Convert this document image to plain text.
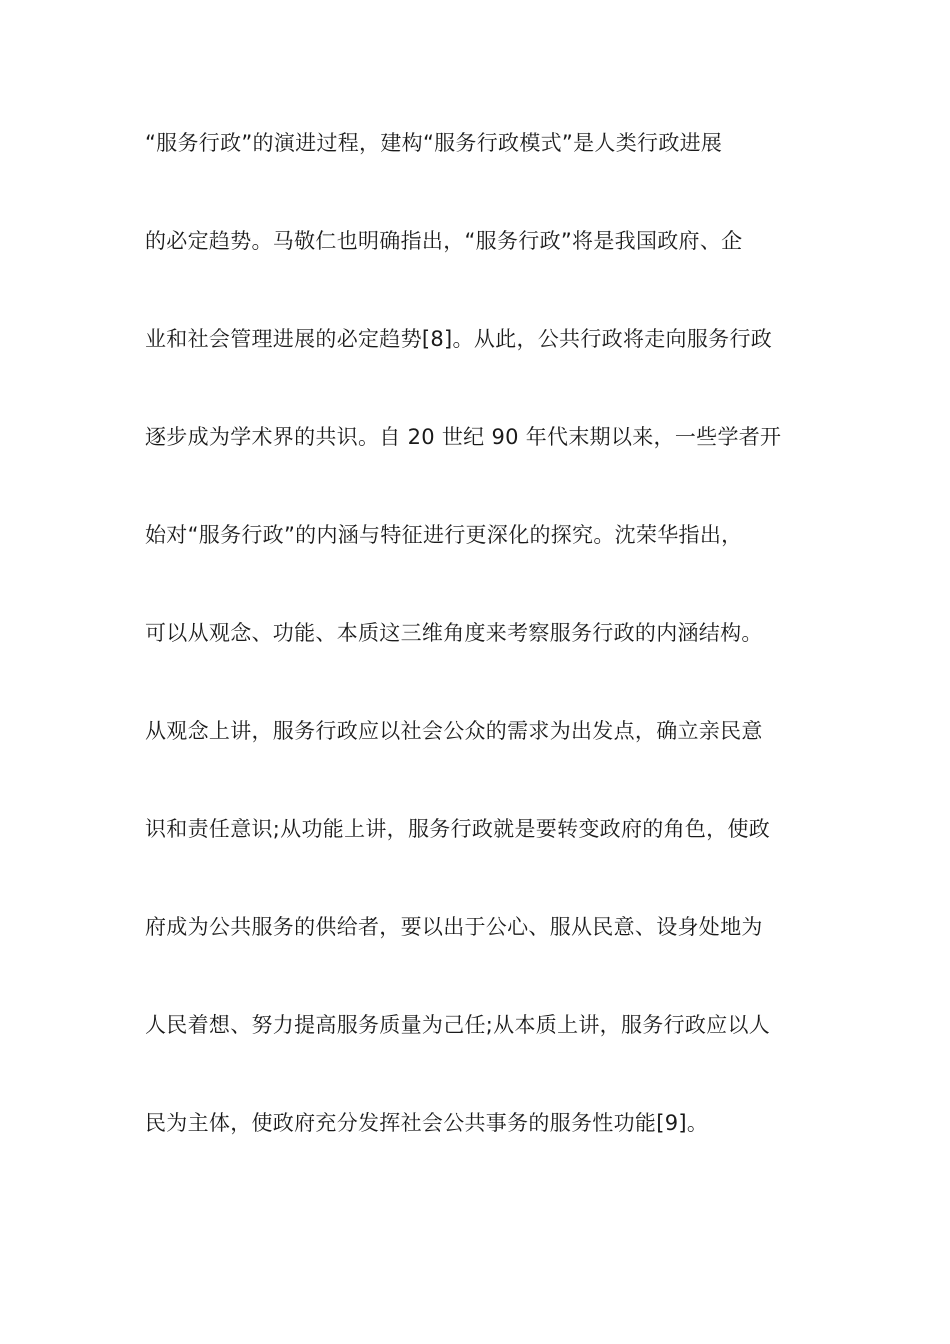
“服务行政”的演进过程，建构“服务行政模式”是人类行政进展
的必定趋势。马敬仁也明确指出，“服务行政”将是我国政府、企
业和社会管理进展的必定趋势[8]。从此，公共行政将走向服务行政
逐步成为学术界的共识。自 20 世纪 90 年代末期以来，一些学者开
始对“服务行政”的内涵与特征进行更深化的探究。沈荣华指出，
可以从观念、功能、本质这三维角度来考察服务行政的内涵结构。
从观念上讲，服务行政应以社会公众的需求为出发点，确立亲民意
识和责任意识;从功能上讲，服务行政就是要转变政府的角色，使政
府成为公共服务的供给者，要以出于公心、服从民意、设身处地为
人民着想、努力提高服务质量为己任;从本质上讲，服务行政应以人
民为主体，使政府充分发挥社会公共事务的服务性功能[9]。
